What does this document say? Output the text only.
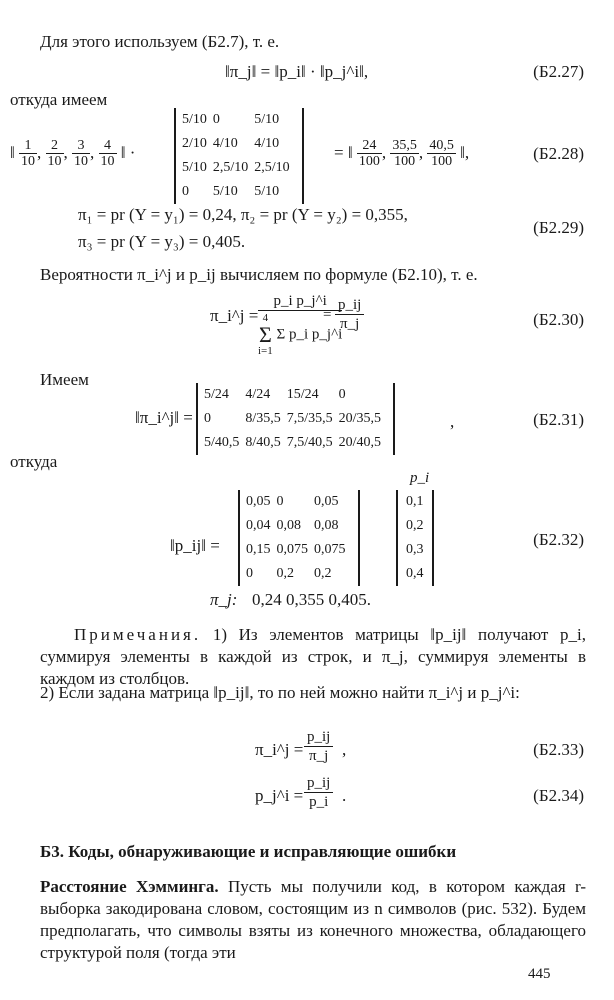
Для этого используем (Б2.7), т. е.
‖π_j‖ = ‖p_i‖ · ‖p_j^i‖,	(Б2.27)
откуда имеем
‖ $\frac{1}{10}$ , $\frac{2}{10}$ , $\frac{3}{10}$ , $\frac{4}{10}$ ‖ ·
5/10	0	5/10
2/10	4/10	4/10
5/10	2,5/10	2,5/10
0	5/10	5/10
= ‖ $\frac{24}{100}$ , $\frac{35,5}{100}$ , $\frac{40,5}{100}$ ‖,	(Б2.28)
π₁ = pr (Y = y₁) = 0,24, π₂ = pr (Y = y₂) = 0,355,
π₃ = pr (Y = y₃) = 0,405.
(Б2.29)
Вероятности π_i^j и p_ij вычисляем по формуле (Б2.10), т. е.
π_i^j = p_i p_j^i
4
Σ
i=1 Σ p_i p_j^i
=
p_ij
π_j	(Б2.30)
Имеем
‖π_i^j‖ =
5/24	4/24	15/24	0
0	8/35,5	7,5/35,5	20/35,5
5/40,5	8/40,5	7,5/40,5	20/40,5
,	(Б2.31)
откуда
p_i
‖p_ij‖ =
0,05	0	0,05
0,04	0,08	0,08
0,15	0,075	0,075
0	0,2	0,2
0,1
0,2
0,3
0,4
(Б2.32)
π_j: 0,24 0,355 0,405.
Примечания. 1) Из элементов матрицы ‖p_ij‖ получают p_i, суммируя элементы в каждой из строк, и π_j, суммируя элементы в каждом из столбцов.
2) Если задана матрица ‖p_ij‖, то по ней можно найти π_i^j и p_j^i:
π_i^j = $\frac{p\_ij}{\pi\_j}$ ,	(Б2.33)
p_j^i = $\frac{p\_ij}{p\_i}$ .	(Б2.34)
Б3. Коды, обнаруживающие и исправляющие ошибки
Расстояние Хэмминга. Пусть мы получили код, в котором каждая r-выборка закодирована словом, состоящим из n символов (рис. 532). Будем предполагать, что символы взяты из конечного множества, обладающего структурой поля (тогда эти
445
